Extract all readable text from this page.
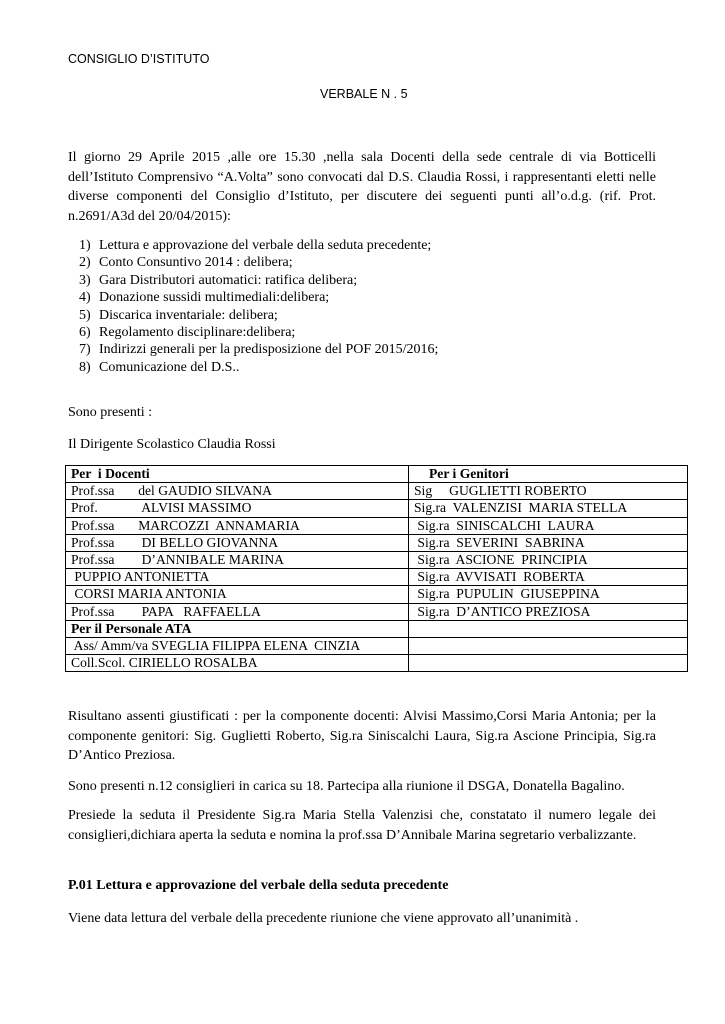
CONSIGLIO D’ISTITUTO
VERBALE N . 5

Il giorno 29 Aprile 2015 ,alle ore 15.30 ,nella sala Docenti della sede centrale di via Botticelli dell’Istituto Comprensivo “A.Volta” sono convocati dal D.S. Claudia Rossi, i rappresentanti eletti nelle diverse componenti del Consiglio d’Istituto, per discutere dei seguenti punti all’o.d.g. (rif. Prot. n.2691/A3d del 20/04/2015):

1) Lettura e approvazione del verbale della seduta precedente;
2) Conto Consuntivo 2014 : delibera;
3) Gara Distributori automatici: ratifica delibera;
4) Donazione sussidi multimediali:delibera;
5) Discarica inventariale: delibera;
6) Regolamento disciplinare:delibera;
7) Indirizzi generali per la predisposizione del POF 2015/2016;
8) Comunicazione del D.S..

Sono presenti :

Il Dirigente Scolastico Claudia Rossi

Per  i Docenti	Per i Genitori
Prof.ssa       del GAUDIO SILVANA	Sig     GUGLIETTI ROBERTO
Prof.             ALVISI MASSIMO	Sig.ra  VALENZISI  MARIA STELLA
Prof.ssa       MARCOZZI  ANNAMARIA	Sig.ra  SINISCALCHI  LAURA
Prof.ssa        DI BELLO GIOVANNA	Sig.ra  SEVERINI  SABRINA
Prof.ssa        D’ANNIBALE MARINA	Sig.ra  ASCIONE  PRINCIPIA
PUPPIO ANTONIETTA	Sig.ra  AVVISATI  ROBERTA
CORSI MARIA ANTONIA	Sig.ra  PUPULIN  GIUSEPPINA
Prof.ssa        PAPA   RAFFAELLA	Sig.ra  D’ANTICO PREZIOSA
Per il Personale ATA	
Ass/ Amm/va SVEGLIA FILIPPA ELENA  CINZIA	
Coll.Scol. CIRIELLO ROSALBA	

Risultano assenti giustificati : per la componente docenti: Alvisi Massimo,Corsi Maria Antonia; per la componente genitori: Sig. Guglietti Roberto, Sig.ra Siniscalchi Laura, Sig.ra Ascione Principia, Sig.ra D’Antico Preziosa.

Sono presenti n.12 consiglieri in carica su 18. Partecipa alla riunione il DSGA, Donatella Bagalino.

Presiede la seduta il Presidente Sig.ra Maria Stella Valenzisi che, constatato il numero legale dei consiglieri,dichiara aperta la seduta e nomina la prof.ssa D’Annibale Marina segretario verbalizzante.

P.01 Lettura e approvazione del verbale della seduta precedente

Viene data lettura del verbale della precedente riunione che viene approvato all’unanimità .
